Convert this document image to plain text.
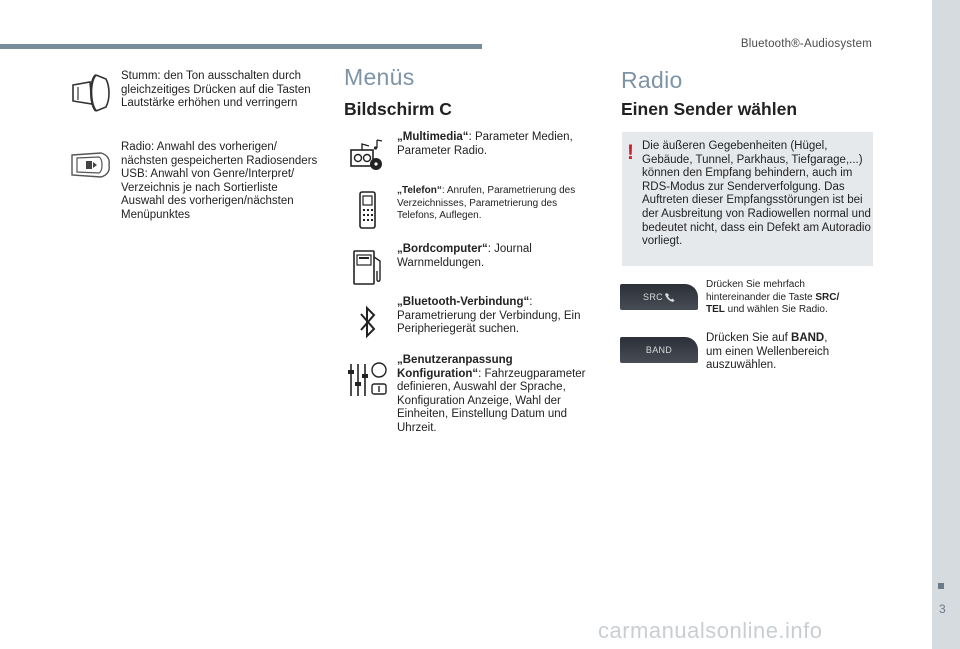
Bluetooth®-Audiosystem
Stumm: den Ton ausschalten durch gleichzeitiges Drücken auf die Tasten Lautstärke erhöhen und verringern
Radio: Anwahl des vorherigen/ nächsten gespeicherten Radiosenders
USB: Anwahl von Genre/Interpret/ Verzeichnis je nach Sortierliste Auswahl des vorherigen/nächsten Menüpunktes
Menüs
Bildschirm C
„Multimedia“: Parameter Medien, Parameter Radio.
„Telefon“: Anrufen, Parametrierung des Verzeichnisses, Parametrierung des Telefons, Auflegen.
„Bordcomputer“: Journal Warnmeldungen.
„Bluetooth-Verbindung“: Parametrierung der Verbindung, Ein Peripheriegerät suchen.
„Benutzeranpassung Konfiguration“: Fahrzeugparameter definieren, Auswahl der Sprache, Konfiguration Anzeige, Wahl der Einheiten, Einstellung Datum und Uhrzeit.
Radio
Einen Sender wählen
! Die äußeren Gegebenheiten (Hügel, Gebäude, Tunnel, Parkhaus, Tiefgarage,...) können den Empfang behindern, auch im RDS-Modus zur Senderverfolgung. Das Auftreten dieser Empfangsstörungen ist bei der Ausbreitung von Radiowellen normal und bedeutet nicht, dass ein Defekt am Autoradio vorliegt.
SRC
Drücken Sie mehrfach hintereinander die Taste SRC/ TEL und wählen Sie Radio.
BAND
Drücken Sie auf BAND, um einen Wellenbereich auszuwählen.
3
carmanualsonline.info
